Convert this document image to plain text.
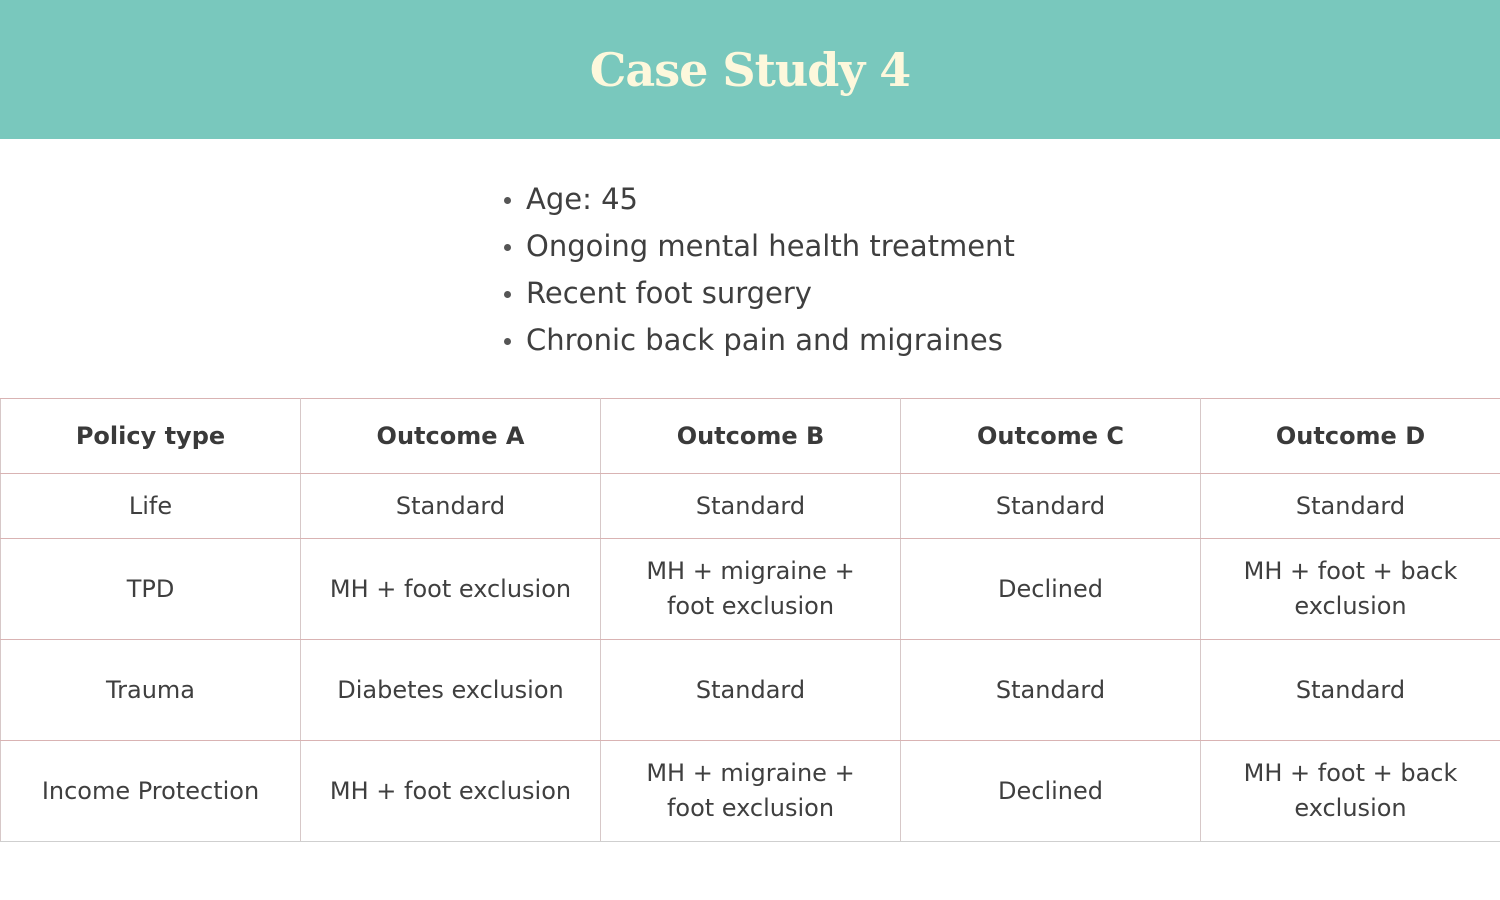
Case Study 4
Age: 45
Ongoing mental health treatment
Recent foot surgery
Chronic back pain and migraines
Policy type	Outcome A	Outcome B	Outcome C	Outcome D
Life	Standard	Standard	Standard	Standard
TPD	MH + foot exclusion	MH + migraine + foot exclusion	Declined	MH + foot + back exclusion
Trauma	Diabetes exclusion	Standard	Standard	Standard
Income Protection	MH + foot exclusion	MH + migraine + foot exclusion	Declined	MH + foot + back exclusion
